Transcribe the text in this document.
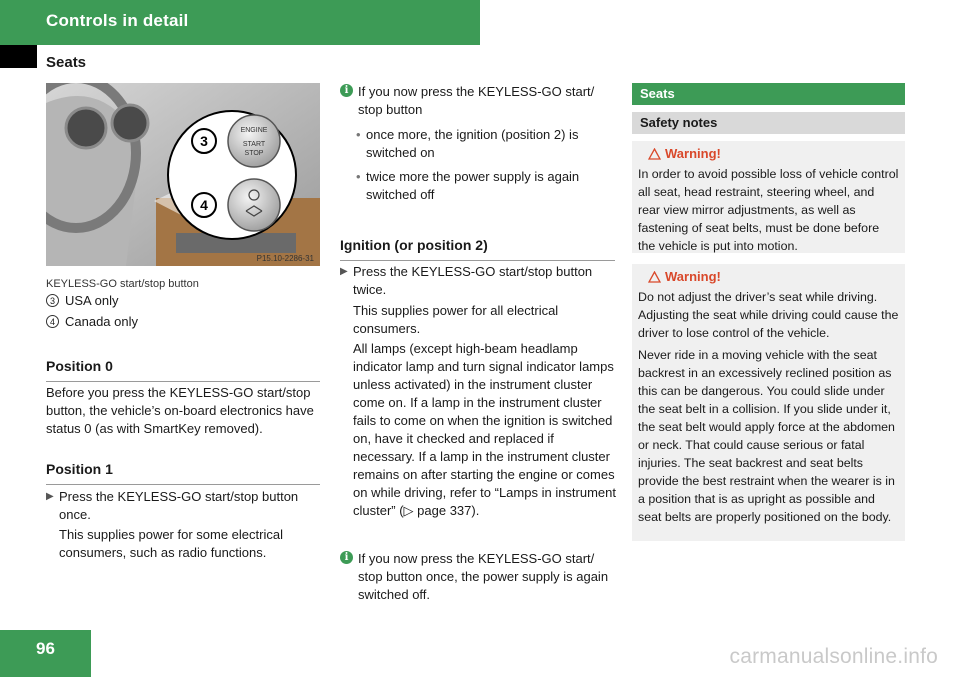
Controls in detail
Seats
ENGINE
START
STOP
3
4
P15.10-2286-31
KEYLESS-GO start/stop button
3 USA only
4 Canada only
Position 0
Before you press the KEYLESS-GO start/stop button, the vehicle’s on-board electronics have status 0 (as with SmartKey removed).
Position 1
▶ Press the KEYLESS-GO start/stop button once.
This supplies power for some electrical consumers, such as radio functions.
i If you now press the KEYLESS-GO start/ stop button
• once more, the ignition (position 2) is switched on
• twice more the power supply is again switched off
Ignition (or position 2)
▶ Press the KEYLESS-GO start/stop button twice.
This supplies power for all electrical consumers.
All lamps (except high-beam headlamp indicator lamp and turn signal indicator lamps unless activated) in the instrument cluster come on. If a lamp in the instrument cluster fails to come on when the ignition is switched on, have it checked and replaced if necessary. If a lamp in the instrument cluster remains on after starting the engine or comes on while driving, refer to “Lamps in instrument cluster” (▷ page 337).
i If you now press the KEYLESS-GO start/ stop button once, the power supply is again switched off.
Seats
Safety notes
Warning!

In order to avoid possible loss of vehicle control all seat, head restraint, steering wheel, and rear view mirror adjustments, as well as fastening of seat belts, must be done before the vehicle is put into motion.

Warning!

Do not adjust the driver’s seat while driving. Adjusting the seat while driving could cause the driver to lose control of the vehicle.

Never ride in a moving vehicle with the seat backrest in an excessively reclined position as this can be dangerous. You could slide under the seat belt in a collision. If you slide under it, the seat belt would apply force at the abdomen or neck. That could cause serious or fatal injuries. The seat backrest and seat belts provide the best restraint when the wearer is in a position that is as upright as possible and seat belts are properly positioned on the body.

96	carmanualsonline.info
